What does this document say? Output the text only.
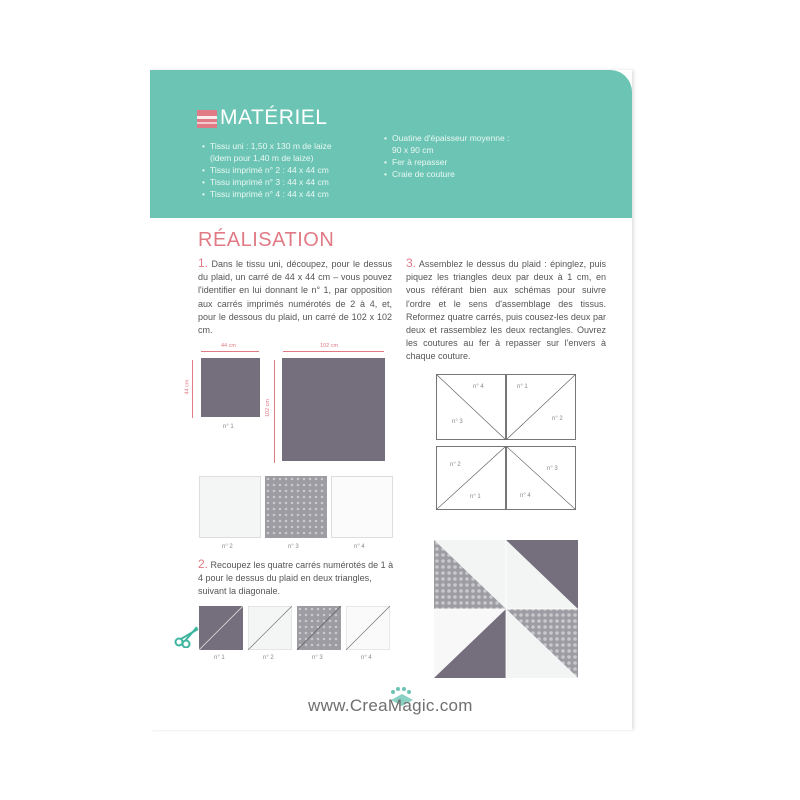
MATÉRIEL
• Tissu uni : 1,50 x 130 m de laize
(idem pour 1,40 m de laize)
• Tissu imprimé n° 2 : 44 x 44 cm
• Tissu imprimé n° 3 : 44 x 44 cm
• Tissu imprimé n° 4 : 44 x 44 cm
• Ouatine d'épaisseur moyenne :
90 x 90 cm
• Fer à repasser
• Craie de couture
RÉALISATION

1. Dans le tissu uni, découpez, pour le dessus du plaid, un carré de 44 x 44 cm – vous pouvez l'identifier en lui donnant le n° 1, par opposition aux carrés imprimés numérotés de 2 à 4, et, pour le dessous du plaid, un carré de 102 x 102 cm.

44 cm
44 cm
n° 1
102 cm
102 cm
n° 2	n° 3	n° 4

2. Recoupez les quatre carrés numérotés de 1 à 4 pour le dessus du plaid en deux triangles, suivant la diagonale.

n° 1	n° 2	n° 3	n° 4

3. Assemblez le dessus du plaid : épinglez, puis piquez les triangles deux par deux à 1 cm, en vous référant bien aux schémas pour suivre l'ordre et le sens d'assemblage des tissus. Reformez quatre carrés, puis cousez-les deux par deux et rassemblez les deux rectangles. Ouvrez les coutures au fer à repasser sur l'envers à chaque couture.

n° 4	n° 1
n° 3	n° 2
n° 2
n° 3
n° 1	n° 4
www.CreaMagic.com
